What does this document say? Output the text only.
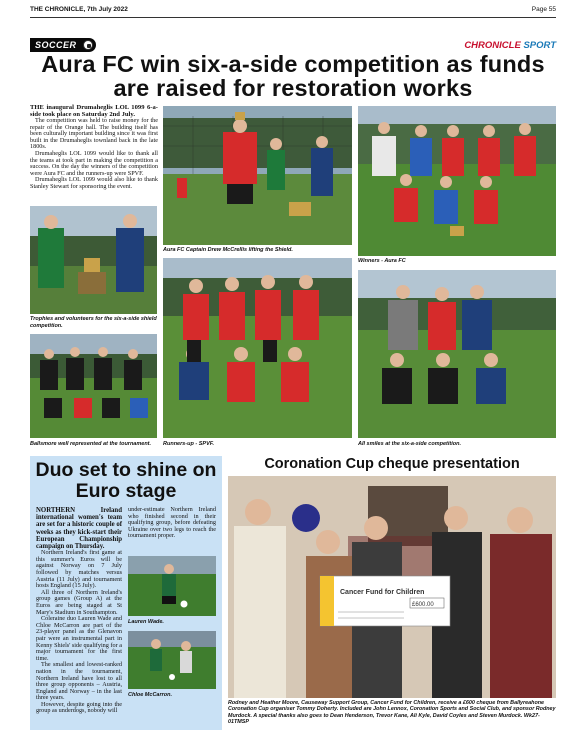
THE CHRONICLE, 7th July 2022	Page 55
SOCCER	CHRONICLE SPORT
Aura FC win six-a-side competition as funds are raised for restoration works

THE inaugural Drumaheglis LOL 1099 6-a-side took place on Saturday 2nd July.

The competition was held to raise money for the repair of the Orange hall. The building itself has been culturally important building since it was first built in the Drumaheglis townland back in the late 1800s.

Drumaheglis LOL 1099 would like to thank all the teams at took part in making the competition a success. On the day the winners of the competition were Aura FC and the runners-up were SPVF.

Drumaheglis LOL 1099 would also like to thank Stanley Stewart for sponsoring the event.

Aura FC Captain Drew McCrellis lifting the Shield.
Winners - Aura FC
Trophies and volunteers for the six-a-side shield competition.
Ballsmore well represented at the tournament. Runners-up - SPVF.	All smiles at the six-a-side competition.
Duo set to shine on Euro stage

NORTHERN Ireland international women's team are set for a historic couple of weeks as they kick-start their European Championship campaign on Thursday.

Northern Ireland's first game at this summer's Euros will be against Norway on 7 July followed by matches versus Austria (11 July) and tournament hosts England (15 July).

All three of Northern Ireland's group games (Group A) at the Euros are being staged at St Mary's Stadium in Southampton.

Coleraine duo Lauren Wade and Chloe McCarron are part of the 23-player panel as the Glenavon pair were an instrumental part in Kenny Shiels' side qualifying for a major tournament for the first time.

The smallest and lowest-ranked nation in the tournament, Northern Ireland have lost to all three group opponents – Austria, England and Norway – in the last three years.

However, despite going into the group as underdogs, nobody will

under-estimate Northern Ireland who finished second in their qualifying group, before defeating Ukraine over two legs to reach the tournament proper.

Lauren Wade.
Chloe McCarron.
Coronation Cup cheque presentation
Cancer Fund for Children
£600.00
Rodney and Heather Moore, Causeway Support Group, Cancer Fund for Children, receive a £600 cheque from Ballyreahone Coronation Cup organiser Tommy Doherty. Included are John Lennox, Coronation Sports and Social Club, and sponsor Rodney Murdock. A special thanks also goes to Dean Henderson, Trevor Kane, Ali Kyle, David Coyles and Steven Murdock. Wk27-01TMSP
